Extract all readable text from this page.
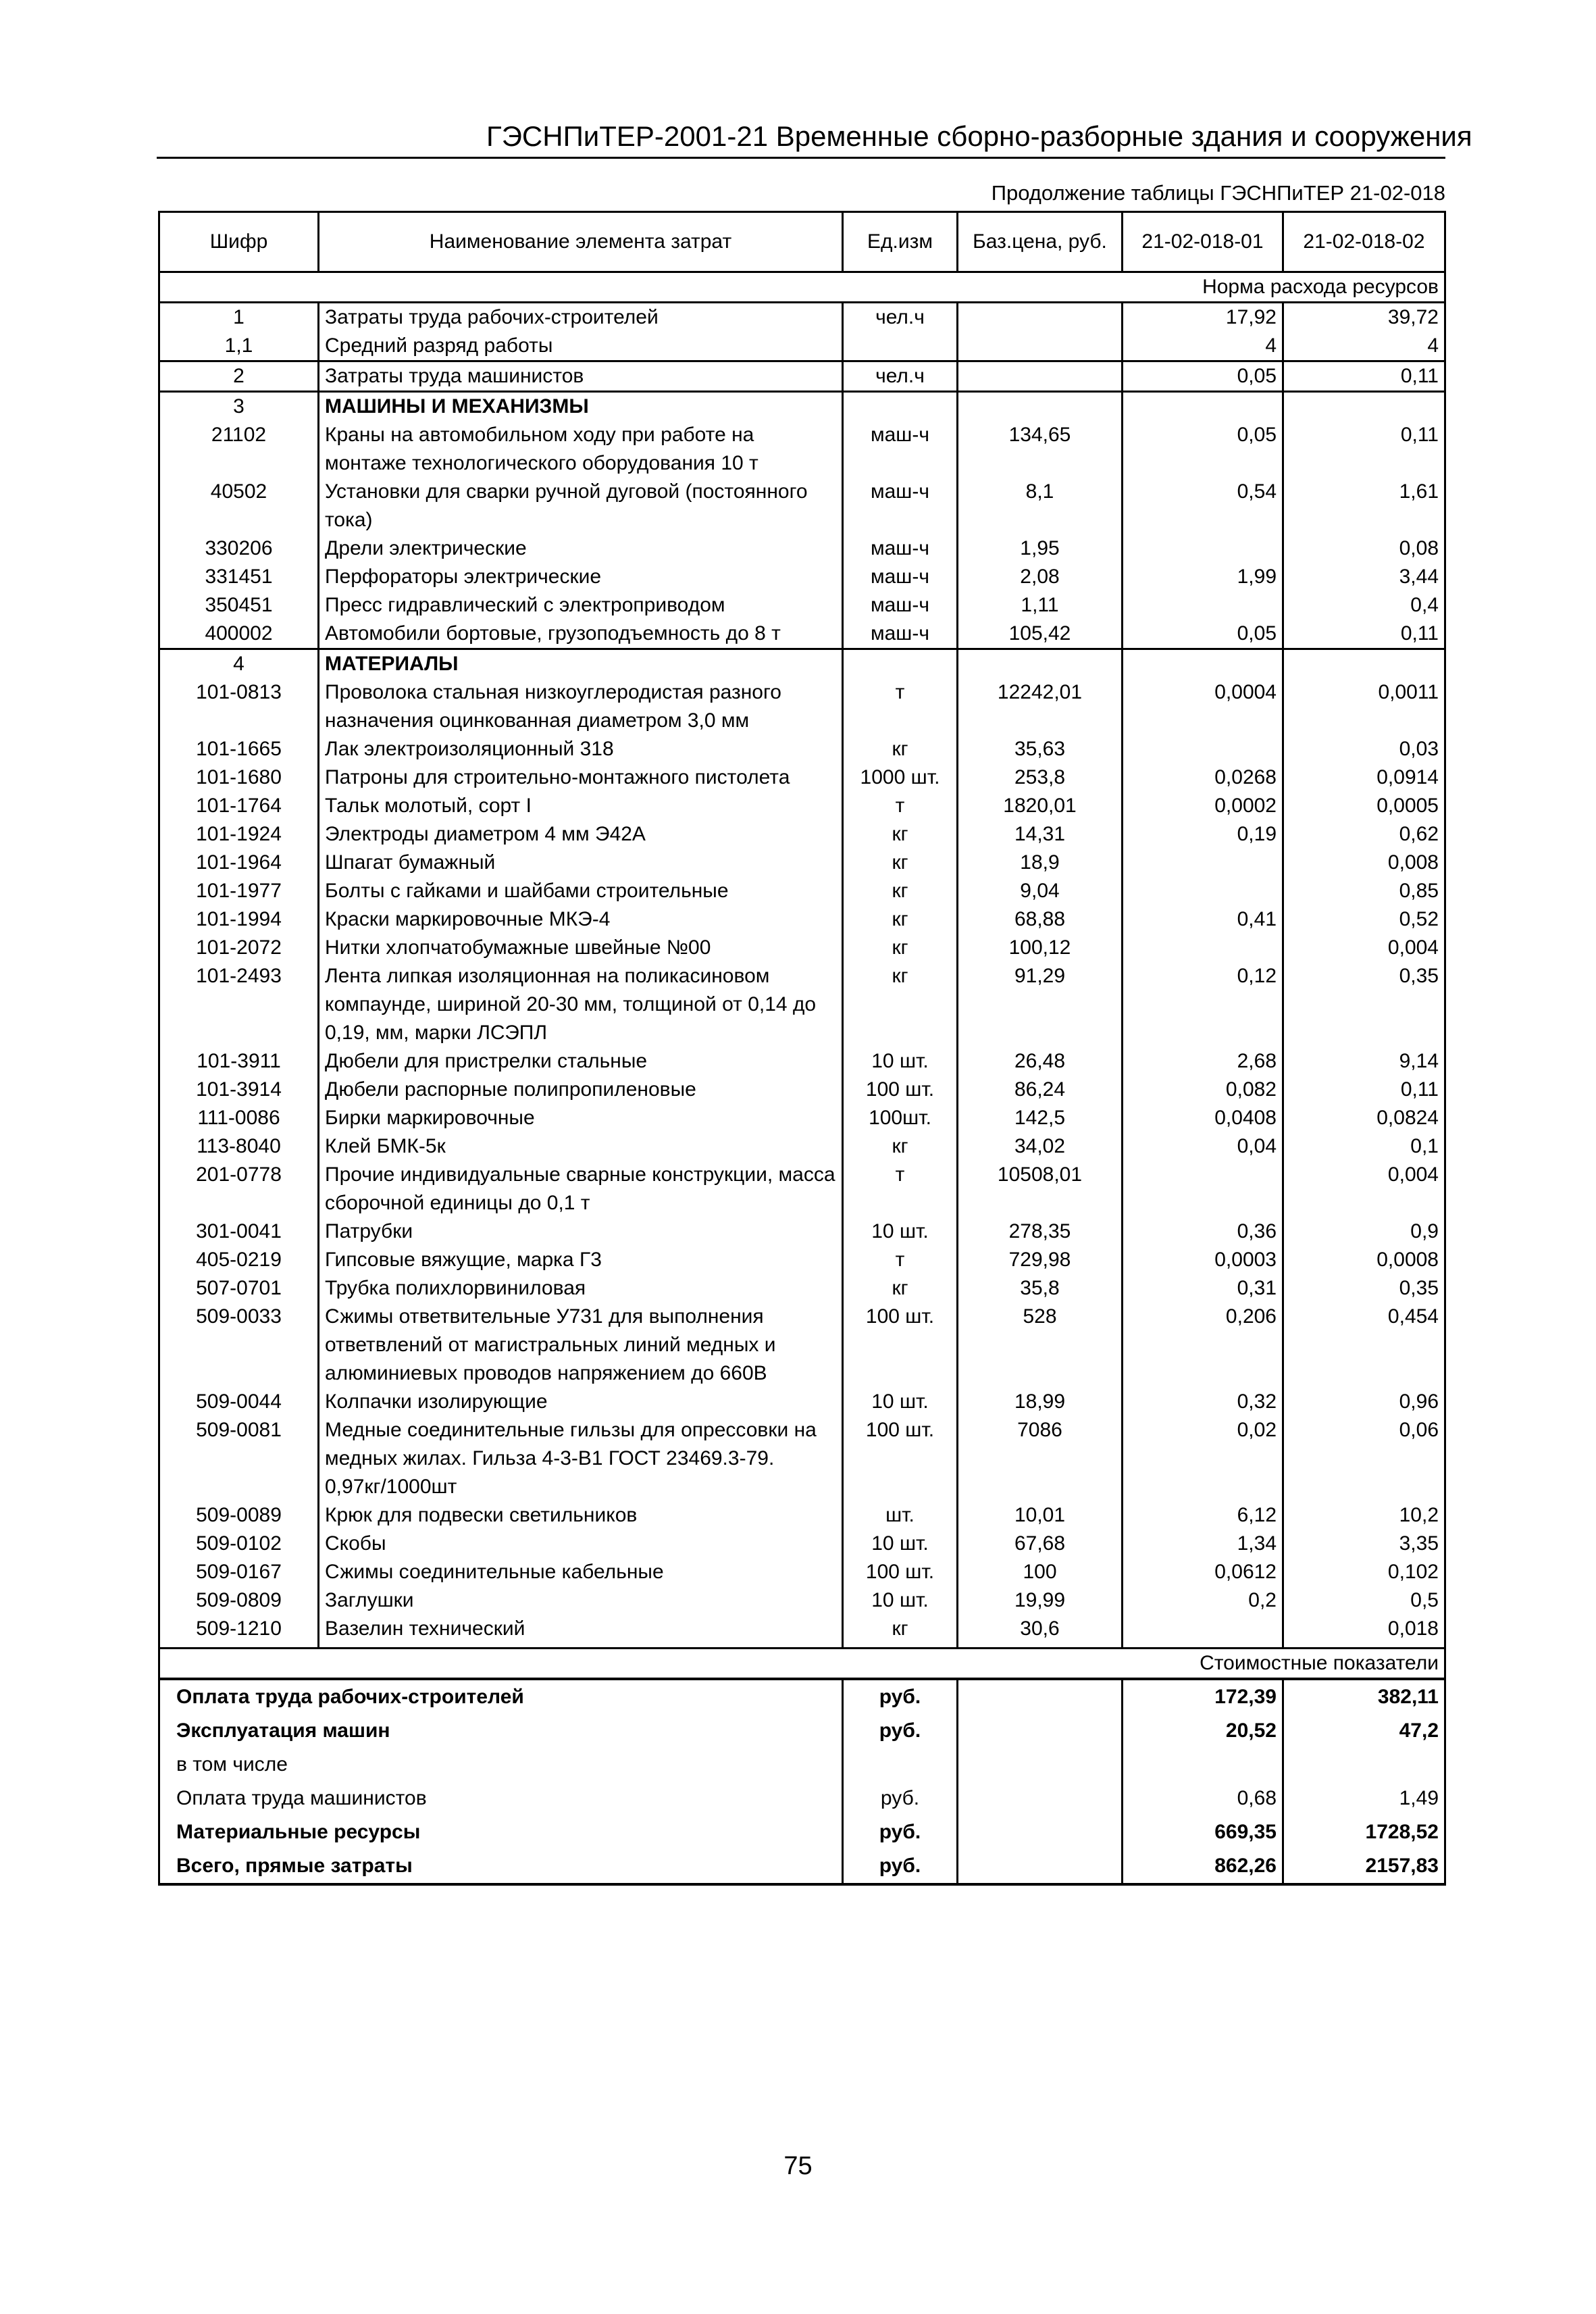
ГЭСНПиТЕР-2001-21 Временные сборно-разборные здания и сооружения
Продолжение таблицы ГЭСНПиТЕР 21-02-018
Шифр	Наименование элемента затрат	Ед.изм	Баз.цена, руб.	21-02-018-01	21-02-018-02
Норма расхода ресурсов					
1	Затраты труда рабочих-строителей	чел.ч		17,92	39,72
1,1	Средний разряд работы			4	4
2	Затраты труда машинистов	чел.ч		0,05	0,11
3	МАШИНЫ И МЕХАНИЗМЫ				
21102	Краны на автомобильном ходу при работе на монтаже технологического оборудования 10 т	маш-ч	134,65	0,05	0,11
40502	Установки для сварки ручной дуговой (постоянного тока)	маш-ч	8,1	0,54	1,61
330206	Дрели электрические	маш-ч	1,95		0,08
331451	Перфораторы электрические	маш-ч	2,08	1,99	3,44
350451	Пресс гидравлический с электроприводом	маш-ч	1,11		0,4
400002	Автомобили бортовые, грузоподъемность до 8 т	маш-ч	105,42	0,05	0,11
4	МАТЕРИАЛЫ				
101-0813	Проволока стальная низкоуглеродистая разного назначения оцинкованная диаметром 3,0 мм	т	12242,01	0,0004	0,0011
101-1665	Лак электроизоляционный 318	кг	35,63		0,03
101-1680	Патроны для строительно-монтажного пистолета	1000 шт.	253,8	0,0268	0,0914
101-1764	Тальк молотый, сорт I	т	1820,01	0,0002	0,0005
101-1924	Электроды диаметром 4 мм Э42А	кг	14,31	0,19	0,62
101-1964	Шпагат бумажный	кг	18,9		0,008
101-1977	Болты с гайками и шайбами строительные	кг	9,04		0,85
101-1994	Краски маркировочные МКЭ-4	кг	68,88	0,41	0,52
101-2072	Нитки хлопчатобумажные швейные №00	кг	100,12		0,004
101-2493	Лента липкая изоляционная на поликасиновом компаунде, шириной 20-30 мм, толщиной от 0,14 до 0,19, мм, марки ЛСЭПЛ	кг	91,29	0,12	0,35
101-3911	Дюбели для пристрелки стальные	10 шт.	26,48	2,68	9,14
101-3914	Дюбели распорные полипропиленовые	100 шт.	86,24	0,082	0,11
111-0086	Бирки маркировочные	100шт.	142,5	0,0408	0,0824
113-8040	Клей БМК-5к	кг	34,02	0,04	0,1
201-0778	Прочие индивидуальные сварные конструкции, масса сборочной единицы до 0,1 т	т	10508,01		0,004
301-0041	Патрубки	10 шт.	278,35	0,36	0,9
405-0219	Гипсовые вяжущие, марка Г3	т	729,98	0,0003	0,0008
507-0701	Трубка полихлорвиниловая	кг	35,8	0,31	0,35
509-0033	Сжимы ответвительные У731 для выполнения ответвлений от магистральных линий медных и алюминиевых проводов напряжением до 660В	100 шт.	528	0,206	0,454
509-0044	Колпачки изолирующие	10 шт.	18,99	0,32	0,96
509-0081	Медные соединительные гильзы для опрессовки на медных жилах. Гильза 4-3-В1 ГОСТ 23469.3-79. 0,97кг/1000шт	100 шт.	7086	0,02	0,06
509-0089	Крюк для подвески светильников	шт.	10,01	6,12	10,2
509-0102	Скобы	10 шт.	67,68	1,34	3,35
509-0167	Сжимы соединительные кабельные	100 шт.	100	0,0612	0,102
509-0809	Заглушки	10 шт.	19,99	0,2	0,5
509-1210	Вазелин технический	кг	30,6		0,018

Стоимостные показатели					
Оплата труда рабочих-строителей		руб.		172,39	382,11
Эксплуатация машин		руб.		20,52	47,2
в том числе					
Оплата труда машинистов		руб.		0,68	1,49
Материальные ресурсы		руб.		669,35	1728,52
Всего, прямые затраты		руб.		862,26	2157,83
75
